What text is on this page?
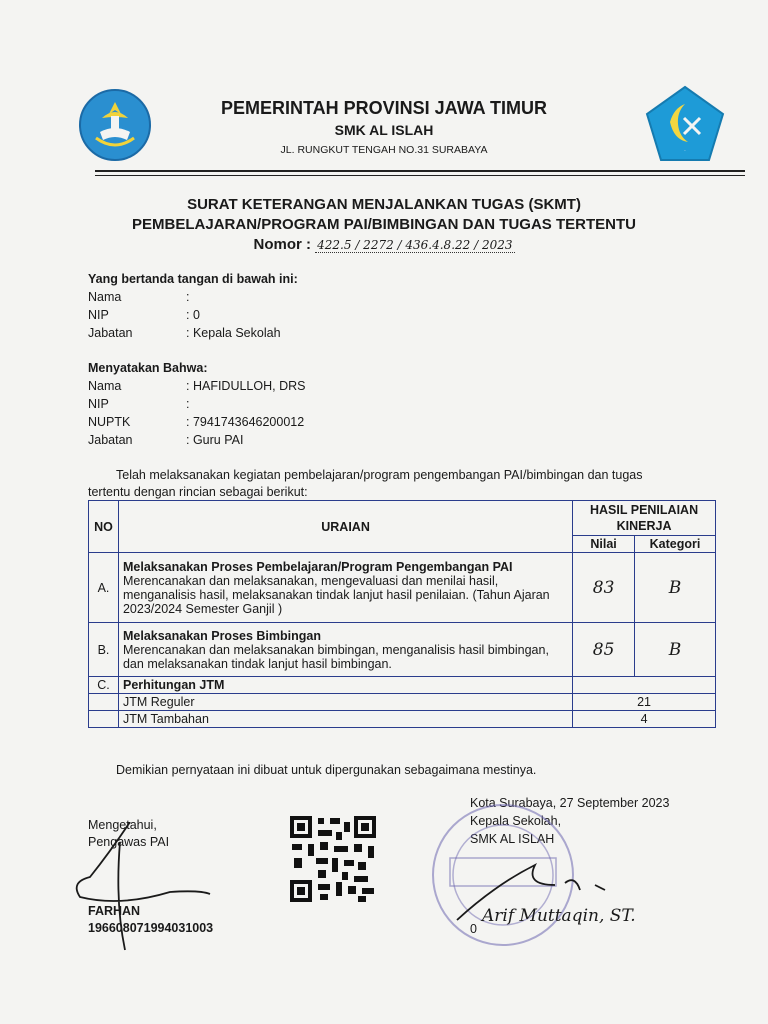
·
PEMERINTAH PROVINSI JAWA TIMUR
SMK AL ISLAH
JL. RUNGKUT TENGAH NO.31 SURABAYA
SURAT KETERANGAN MENJALANKAN TUGAS (SKMT)
PEMBELAJARAN/PROGRAM PAI/BIMBINGAN DAN TUGAS TERTENTU
Nomor : 422.5 / 2272 / 436.4.8.22 / 2023
Yang bertanda tangan di bawah ini:
Nama	:
NIP	: 0
Jabatan	: Kepala Sekolah
Menyatakan Bahwa:
Nama	: HAFIDULLOH, DRS
NIP	:
NUPTK	: 7941743646200012
Jabatan	: Guru PAI
Telah melaksanakan kegiatan pembelajaran/program pengembangan PAI/bimbingan dan tugas
tertentu dengan rincian sebagai berikut:
NO	URAIAN	HASIL PENILAIAN KINERJA	
		Nilai	Kategori
A.	Melaksanakan Proses Pembelajaran/Program Pengembangan PAI
Merencanakan dan melaksanakan, mengevaluasi dan menilai hasil, menganalisis hasil, melaksanakan tindak lanjut hasil penilaian. (Tahun Ajaran 2023/2024 Semester Ganjil )	83	B
B.	Melaksanakan Proses Bimbingan
Merencanakan dan melaksanakan bimbingan, menganalisis hasil bimbingan, dan melaksanakan tindak lanjut hasil bimbingan.	85	B
C.	Perhitungan JTM		
	JTM Reguler	21	
	JTM Tambahan	4	
Demikian pernyataan ini dibuat untuk dipergunakan sebagaimana mestinya.
Kota Surabaya, 27 September 2023
Kepala Sekolah,
SMK AL ISLAH
0
Arif Muttaqin, ST.
Mengetahui,
Pengawas PAI
FARHAN
196608071994031003
